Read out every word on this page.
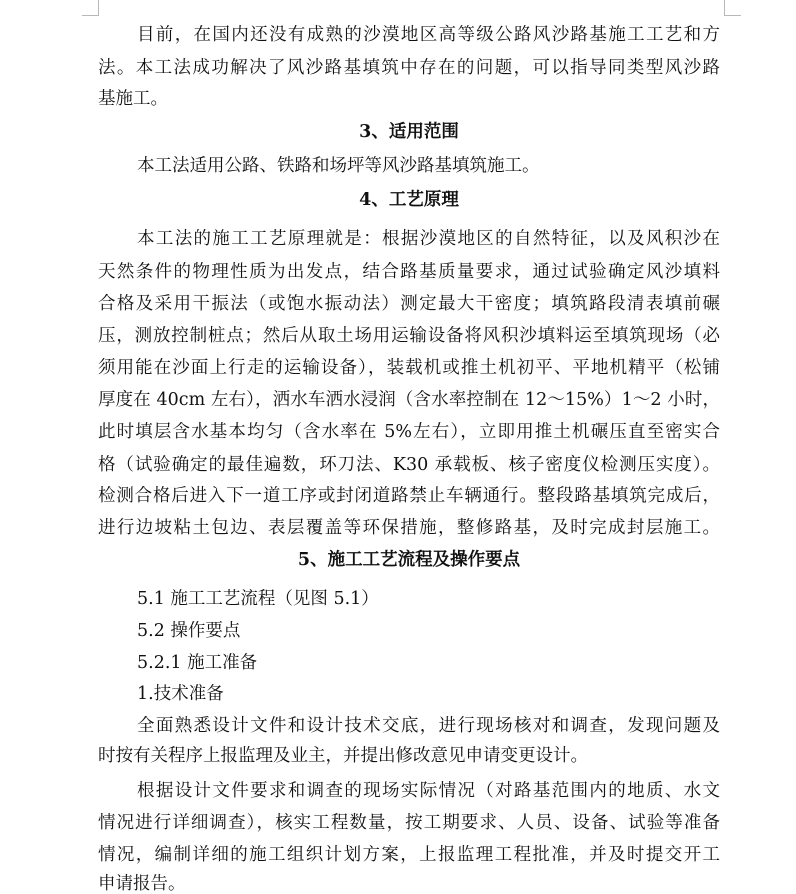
目前，在国内还没有成熟的沙漠地区高等级公路风沙路基施工工艺和方
法。本工法成功解决了风沙路基填筑中存在的问题，可以指导同类型风沙路
基施工。
3、适用范围
本工法适用公路、铁路和场坪等风沙路基填筑施工。
4、工艺原理
本工法的施工工艺原理就是：根据沙漠地区的自然特征，以及风积沙在
天然条件的物理性质为出发点，结合路基质量要求，通过试验确定风沙填料
合格及采用干振法（或饱水振动法）测定最大干密度；填筑路段清表填前碾
压，测放控制桩点；然后从取土场用运输设备将风积沙填料运至填筑现场（必
须用能在沙面上行走的运输设备），装载机或推土机初平、平地机精平（松铺
厚度在 40cm 左右），洒水车洒水浸润（含水率控制在 12～15%）1～2 小时，
此时填层含水基本均匀（含水率在 5%左右），立即用推土机碾压直至密实合
格（试验确定的最佳遍数，环刀法、K30 承载板、核子密度仪检测压实度）。
检测合格后进入下一道工序或封闭道路禁止车辆通行。整段路基填筑完成后，
进行边坡粘土包边、表层覆盖等环保措施，整修路基，及时完成封层施工。
5、施工工艺流程及操作要点
5.1 施工工艺流程（见图 5.1）
5.2 操作要点
5.2.1 施工准备
1.技术准备
全面熟悉设计文件和设计技术交底，进行现场核对和调查，发现问题及
时按有关程序上报监理及业主，并提出修改意见申请变更设计。
根据设计文件要求和调查的现场实际情况（对路基范围内的地质、水文
情况进行详细调查），核实工程数量，按工期要求、人员、设备、试验等准备
情况，编制详细的施工组织计划方案，上报监理工程批准，并及时提交开工
申请报告。
